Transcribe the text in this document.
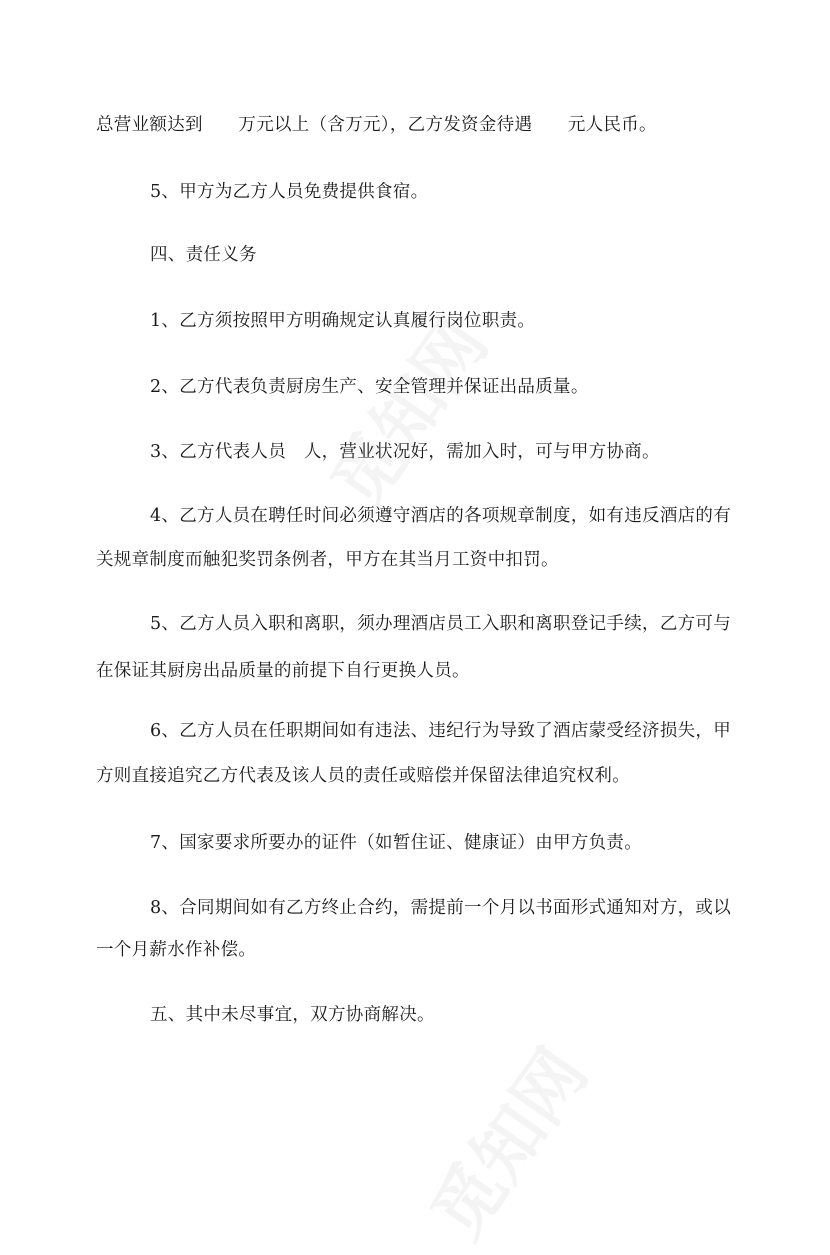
总营业额达到　　万元以上（含万元），乙方发资金待遇　　元人民币。
5、甲方为乙方人员免费提供食宿。
四、责任义务
1、乙方须按照甲方明确规定认真履行岗位职责。
2、乙方代表负责厨房生产、安全管理并保证出品质量。
3、乙方代表人员　人，营业状况好，需加入时，可与甲方协商。
4、乙方人员在聘任时间必须遵守酒店的各项规章制度，如有违反酒店的有
关规章制度而触犯奖罚条例者，甲方在其当月工资中扣罚。
5、乙方人员入职和离职，须办理酒店员工入职和离职登记手续，乙方可与
在保证其厨房出品质量的前提下自行更换人员。
6、乙方人员在任职期间如有违法、违纪行为导致了酒店蒙受经济损失，甲
方则直接追究乙方代表及该人员的责任或赔偿并保留法律追究权利。
7、国家要求所要办的证件（如暂住证、健康证）由甲方负责。
8、合同期间如有乙方终止合约，需提前一个月以书面形式通知对方，或以
一个月薪水作补偿。
五、其中未尽事宜，双方协商解决。
